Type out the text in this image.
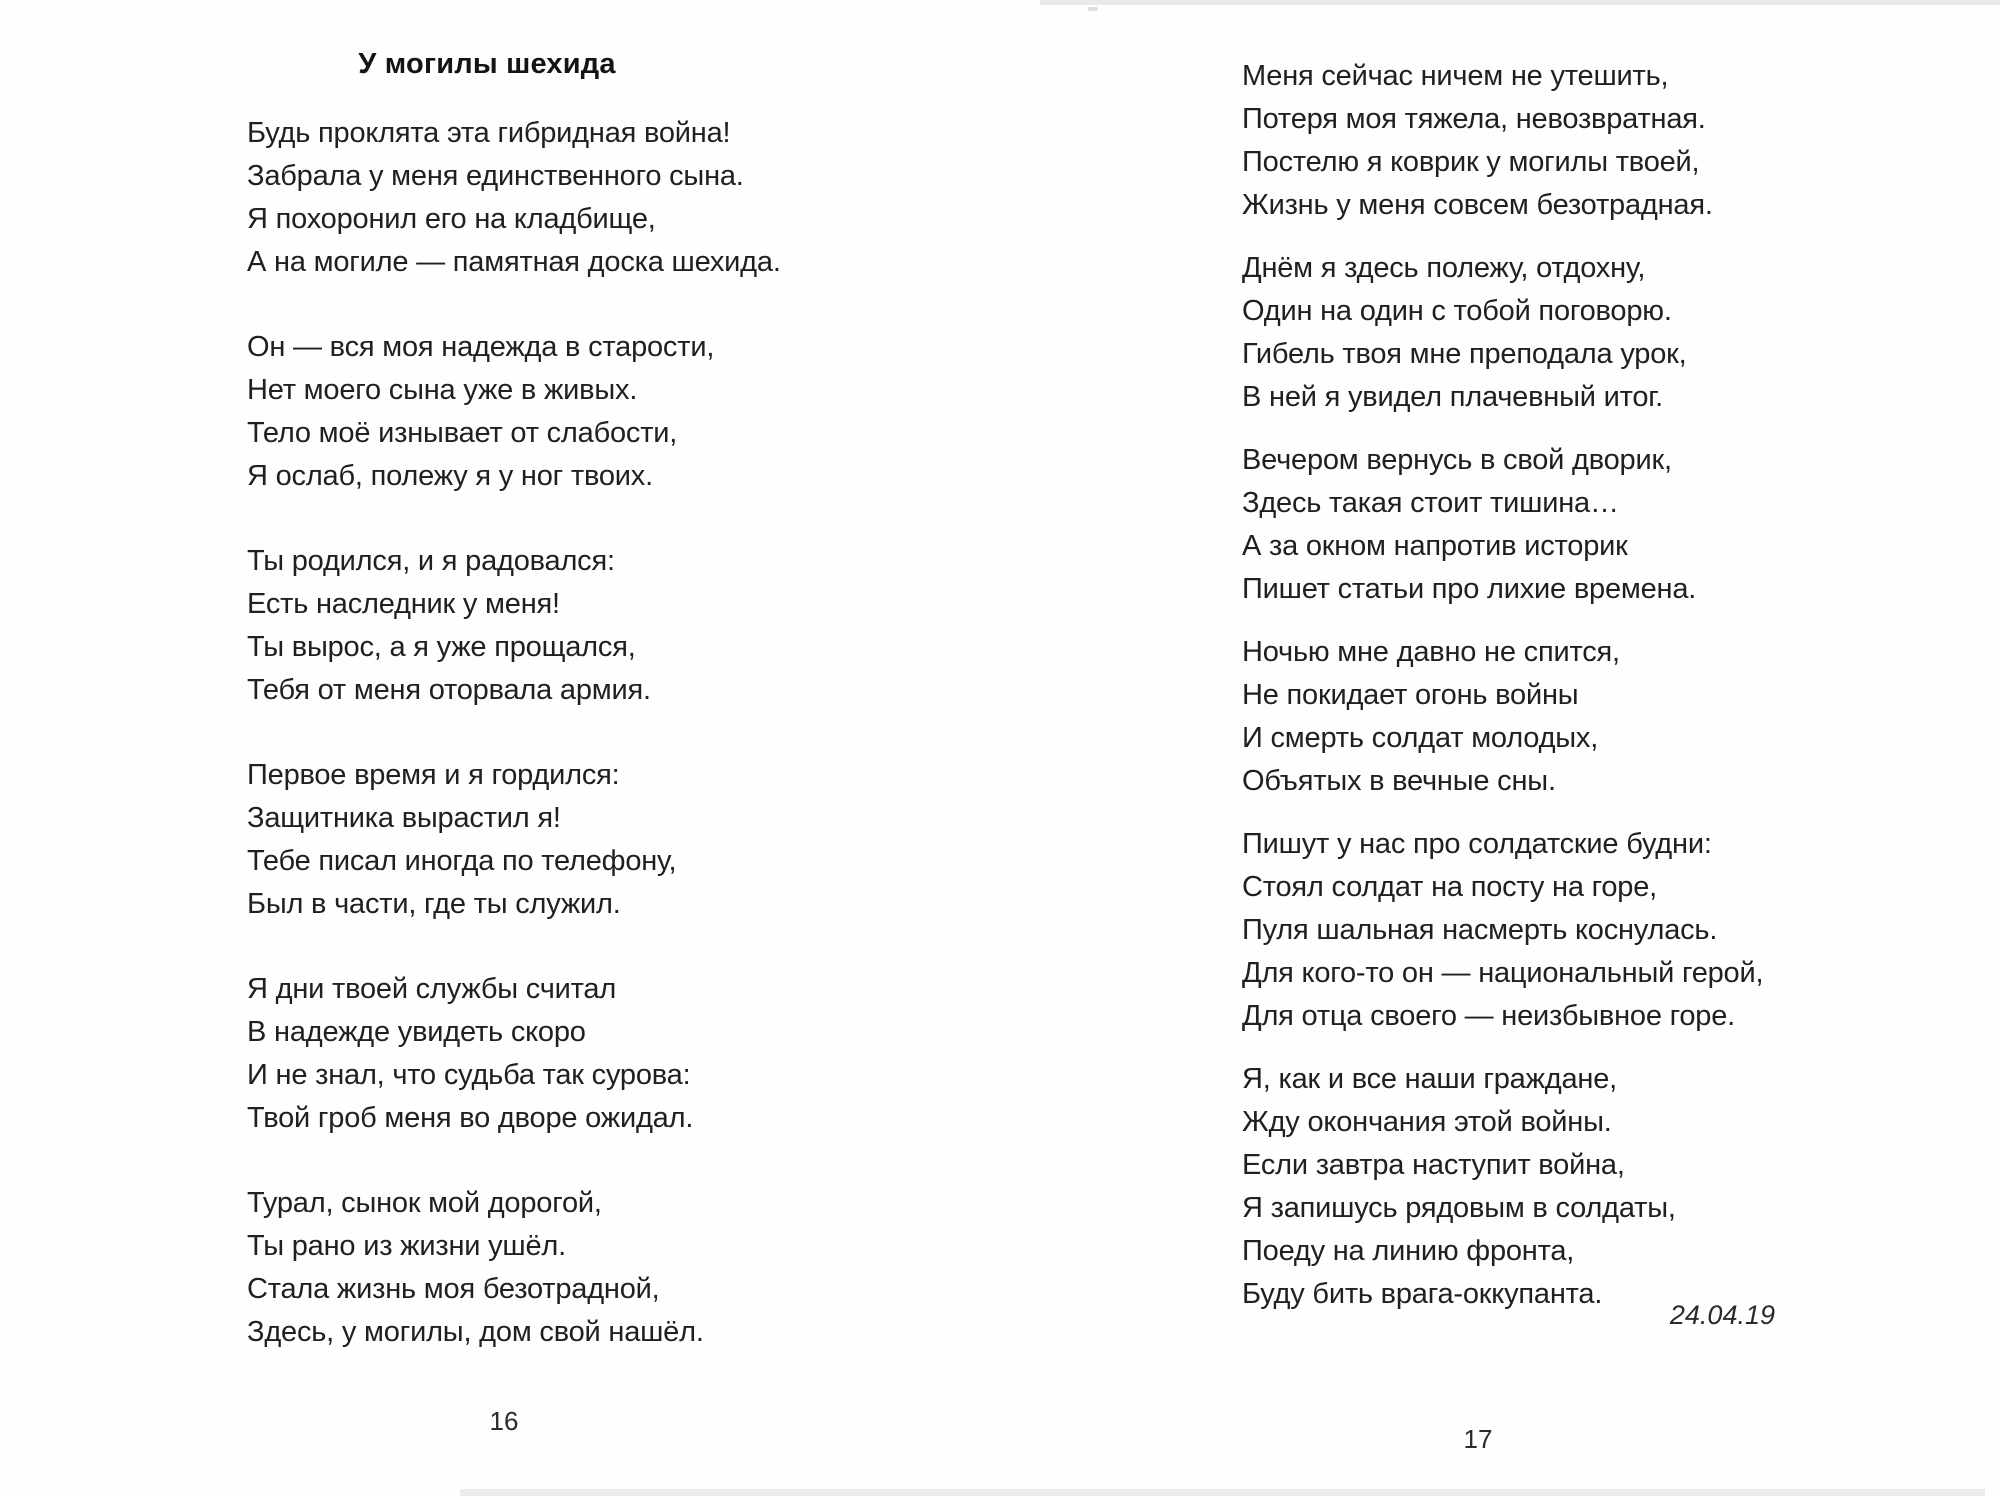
У могилы шехида
Будь проклята эта гибридная война!
Забрала у меня единственного сына.
Я похоронил его на кладбище,
А на могиле — памятная доска шехида.
Он — вся моя надежда в старости,
Нет моего сына уже в живых.
Тело моё изнывает от слабости,
Я ослаб, полежу я у ног твоих.
Ты родился, и я радовался:
Есть наследник у меня!
Ты вырос, а я уже прощался,
Тебя от меня оторвала армия.
Первое время и я гордился:
Защитника вырастил я!
Тебе писал иногда по телефону,
Был в части, где ты служил.
Я дни твоей службы считал
В надежде увидеть скоро
И не знал, что судьба так сурова:
Твой гроб меня во дворе ожидал.
Турал, сынок мой дорогой,
Ты рано из жизни ушёл.
Стала жизнь моя безотрадной,
Здесь, у могилы, дом свой нашёл.
16
Меня сейчас ничем не утешить,
Потеря моя тяжела, невозвратная.
Постелю я коврик у могилы твоей,
Жизнь у меня совсем безотрадная.
Днём я здесь полежу, отдохну,
Один на один с тобой поговорю.
Гибель твоя мне преподала урок,
В ней я увидел плачевный итог.
Вечером вернусь в свой дворик,
Здесь такая стоит тишина…
А за окном напротив историк
Пишет статьи про лихие времена.
Ночью мне давно не спится,
Не покидает огонь войны
И смерть солдат молодых,
Объятых в вечные сны.
Пишут у нас про солдатские будни:
Стоял солдат на посту на горе,
Пуля шальная насмерть коснулась.
Для кого-то он — национальный герой,
Для отца своего — неизбывное горе.
Я, как и все наши граждане,
Жду окончания этой войны.
Если завтра наступит война,
Я запишусь рядовым в солдаты,
Поеду на линию фронта,
Буду бить врага-оккупанта.
24.04.19
17
